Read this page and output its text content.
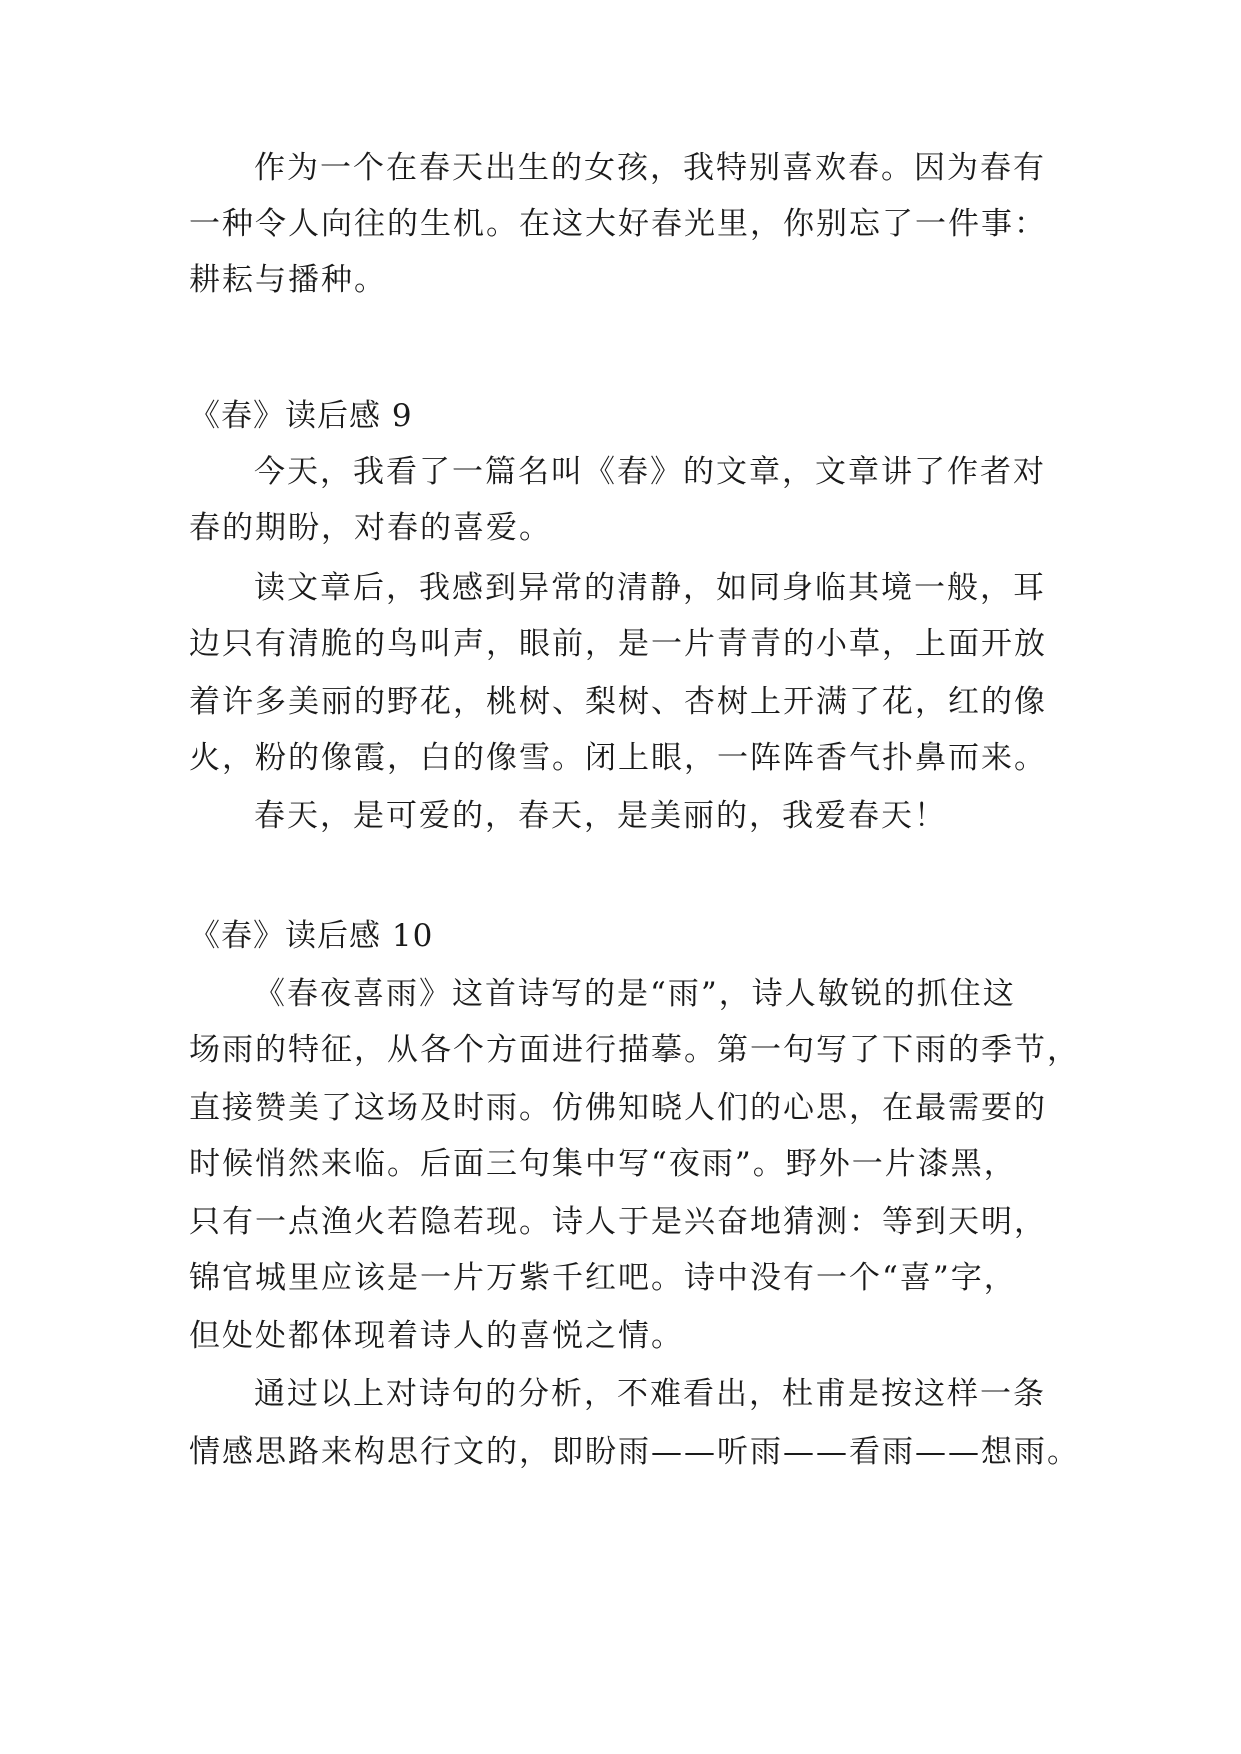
作为一个在春天出生的女孩，我特别喜欢春。因为春有
一种令人向往的生机。在这大好春光里，你别忘了一件事：
耕耘与播种。
《春》读后感 9
今天，我看了一篇名叫《春》的文章，文章讲了作者对
春的期盼，对春的喜爱。
读文章后，我感到异常的清静，如同身临其境一般，耳
边只有清脆的鸟叫声，眼前，是一片青青的小草，上面开放
着许多美丽的野花，桃树、梨树、杏树上开满了花，红的像
火，粉的像霞，白的像雪。闭上眼，一阵阵香气扑鼻而来。
春天，是可爱的，春天，是美丽的，我爱春天！
《春》读后感 10
《春夜喜雨》这首诗写的是“雨”，诗人敏锐的抓住这
场雨的特征，从各个方面进行描摹。第一句写了下雨的季节，
直接赞美了这场及时雨。仿佛知晓人们的心思，在最需要的
时候悄然来临。后面三句集中写“夜雨”。野外一片漆黑，
只有一点渔火若隐若现。诗人于是兴奋地猜测：等到天明，
锦官城里应该是一片万紫千红吧。诗中没有一个“喜”字，
但处处都体现着诗人的喜悦之情。
通过以上对诗句的分析，不难看出，杜甫是按这样一条
情感思路来构思行文的，即盼雨——听雨——看雨——想雨。
